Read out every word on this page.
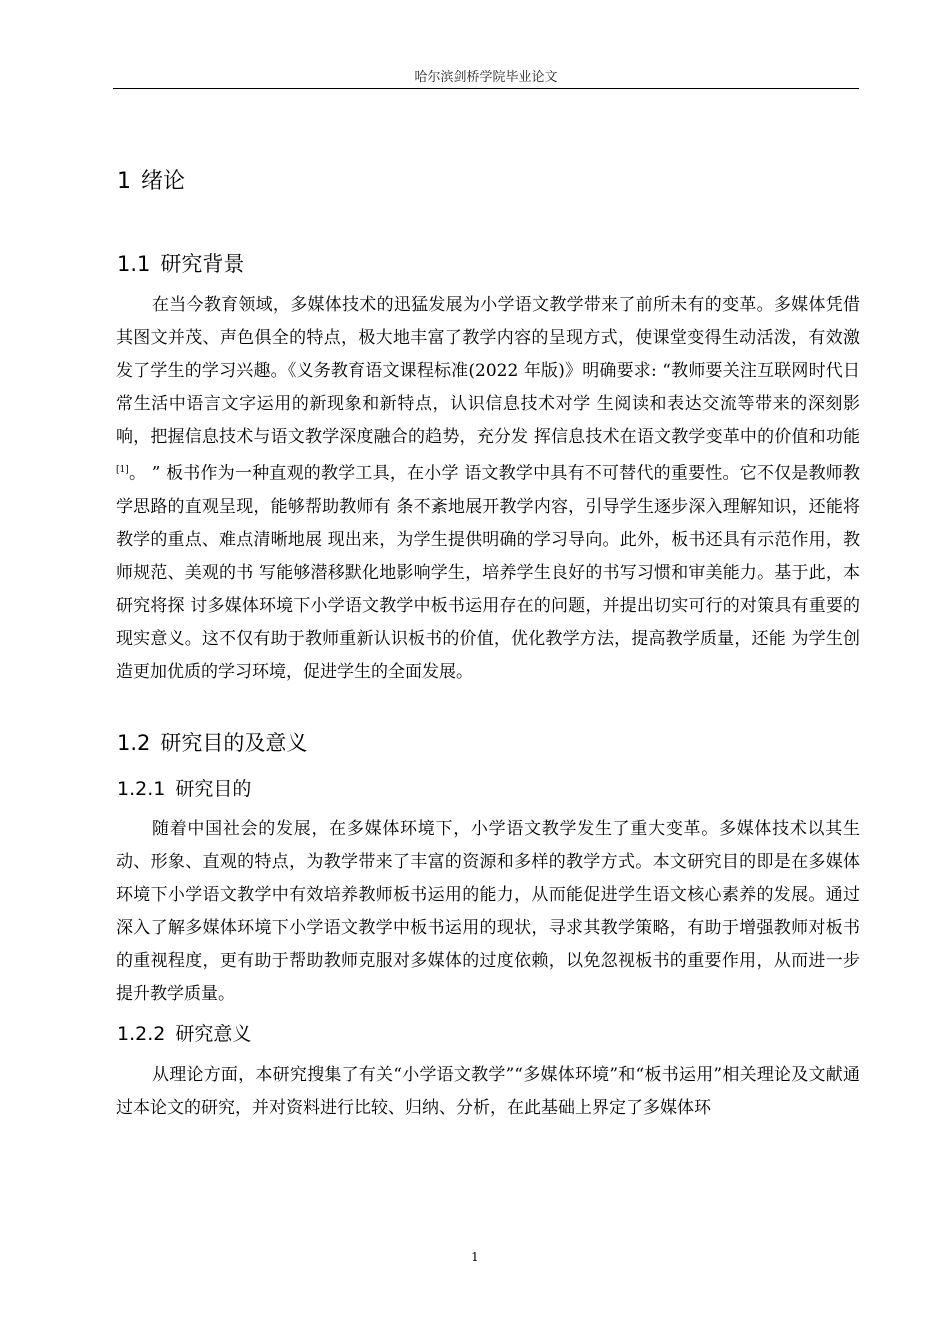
哈尔滨剑桥学院毕业论文
1 绪论
1.1 研究背景

在当今教育领域，多媒体技术的迅猛发展为小学语文教学带来了前所未有的变革。多媒体凭借其图文并茂、声色俱全的特点，极大地丰富了教学内容的呈现方式，使课堂变得生动活泼，有效激发了学生的学习兴趣。《义务教育语文课程标准(2022 年版)》明确要求: “教师要关注互联网时代日常生活中语言文字运用的新现象和新特点，认识信息技术对学 生阅读和表达交流等带来的深刻影响，把握信息技术与语文教学深度融合的趋势，充分发 挥信息技术在语文教学变革中的价值和功能[1]。 ” 板书作为一种直观的教学工具，在小学 语文教学中具有不可替代的重要性。它不仅是教师教学思路的直观呈现，能够帮助教师有 条不紊地展开教学内容，引导学生逐步深入理解知识，还能将教学的重点、难点清晰地展 现出来，为学生提供明确的学习导向。此外，板书还具有示范作用，教师规范、美观的书 写能够潜移默化地影响学生，培养学生良好的书写习惯和审美能力。基于此，本研究将探 讨多媒体环境下小学语文教学中板书运用存在的问题，并提出切实可行的对策具有重要的 现实意义。这不仅有助于教师重新认识板书的价值，优化教学方法，提高教学质量，还能 为学生创造更加优质的学习环境，促进学生的全面发展。

1.2 研究目的及意义
1.2.1 研究目的

随着中国社会的发展，在多媒体环境下，小学语文教学发生了重大变革。多媒体技术以其生动、形象、直观的特点，为教学带来了丰富的资源和多样的教学方式。本文研究目的即是在多媒体环境下小学语文教学中有效培养教师板书运用的能力，从而能促进学生语文核心素养的发展。通过深入了解多媒体环境下小学语文教学中板书运用的现状，寻求其教学策略，有助于增强教师对板书的重视程度，更有助于帮助教师克服对多媒体的过度依赖，以免忽视板书的重要作用，从而进一步提升教学质量。

1.2.2 研究意义

从理论方面，本研究搜集了有关“小学语文教学”“多媒体环境”和“板书运用”相关理论及文献通过本论文的研究，并对资料进行比较、归纳、分析，在此基础上界定了多媒体环

1
